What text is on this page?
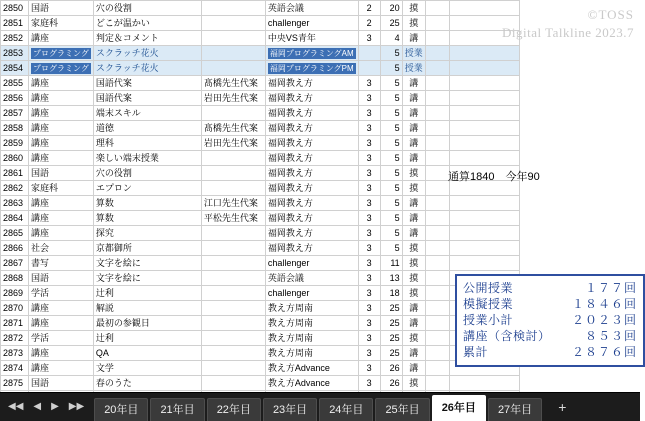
2850	国語	穴の役割		英語会議	2	20	摸		
2851	家庭科	どこが温かい		challenger	2	25	摸		
2852	講座	判定＆コメント		中央VS青年	3	4	講		
2853	プログラミング	スクラッチ花火		福岡プログラミングAM		5	授業		
2854	プログラミング	スクラッチ花火		福岡プログラミングPM		5	授業		
2855	講座	国語代案	髙橋先生代案	福岡教え方	3	5	講		
2856	講座	国語代案	岩田先生代案	福岡教え方	3	5	講		
2857	講座	端末スキル		福岡教え方	3	5	講		
2858	講座	道徳	髙橋先生代案	福岡教え方	3	5	講		
2859	講座	理科	岩田先生代案	福岡教え方	3	5	講		
2860	講座	楽しい端末授業		福岡教え方	3	5	講		
2861	国語	穴の役割		福岡教え方	3	5	摸		
2862	家庭科	エプロン		福岡教え方	3	5	摸		
2863	講座	算数	江口先生代案	福岡教え方	3	5	講		
2864	講座	算数	平松先生代案	福岡教え方	3	5	講		
2865	講座	探究		福岡教え方	3	5	講		
2866	社会	京都御所		福岡教え方	3	5	摸		
2867	書写	文字を絵に		challenger	3	11	摸		
2868	国語	文字を絵に		英語会議	3	13	摸		
2869	学活	辻利		challenger	3	18	摸		
2870	講座	解説		教え方周南	3	25	講		
2871	講座	最初の参観日		教え方周南	3	25	講		
2872	学活	辻利		教え方周南	3	25	摸		
2873	講座	QA		教え方周南	3	25	講		
2874	講座	文学		教え方Advance	3	26	講		
2875	国語	春のうた		教え方Advance	3	26	摸		

©TOSS
Digital Talkline 2023.7
通算1840　今年90
公開授業	１７７回
模擬授業	１８４６回
授業小計	２０２３回
講座（含検討）	８５３回
累計	２８７６回
◀◀ ◀ ▶ ▶▶	20年目	21年目	22年目	23年目	24年目	25年目	26年目	27年目	+
